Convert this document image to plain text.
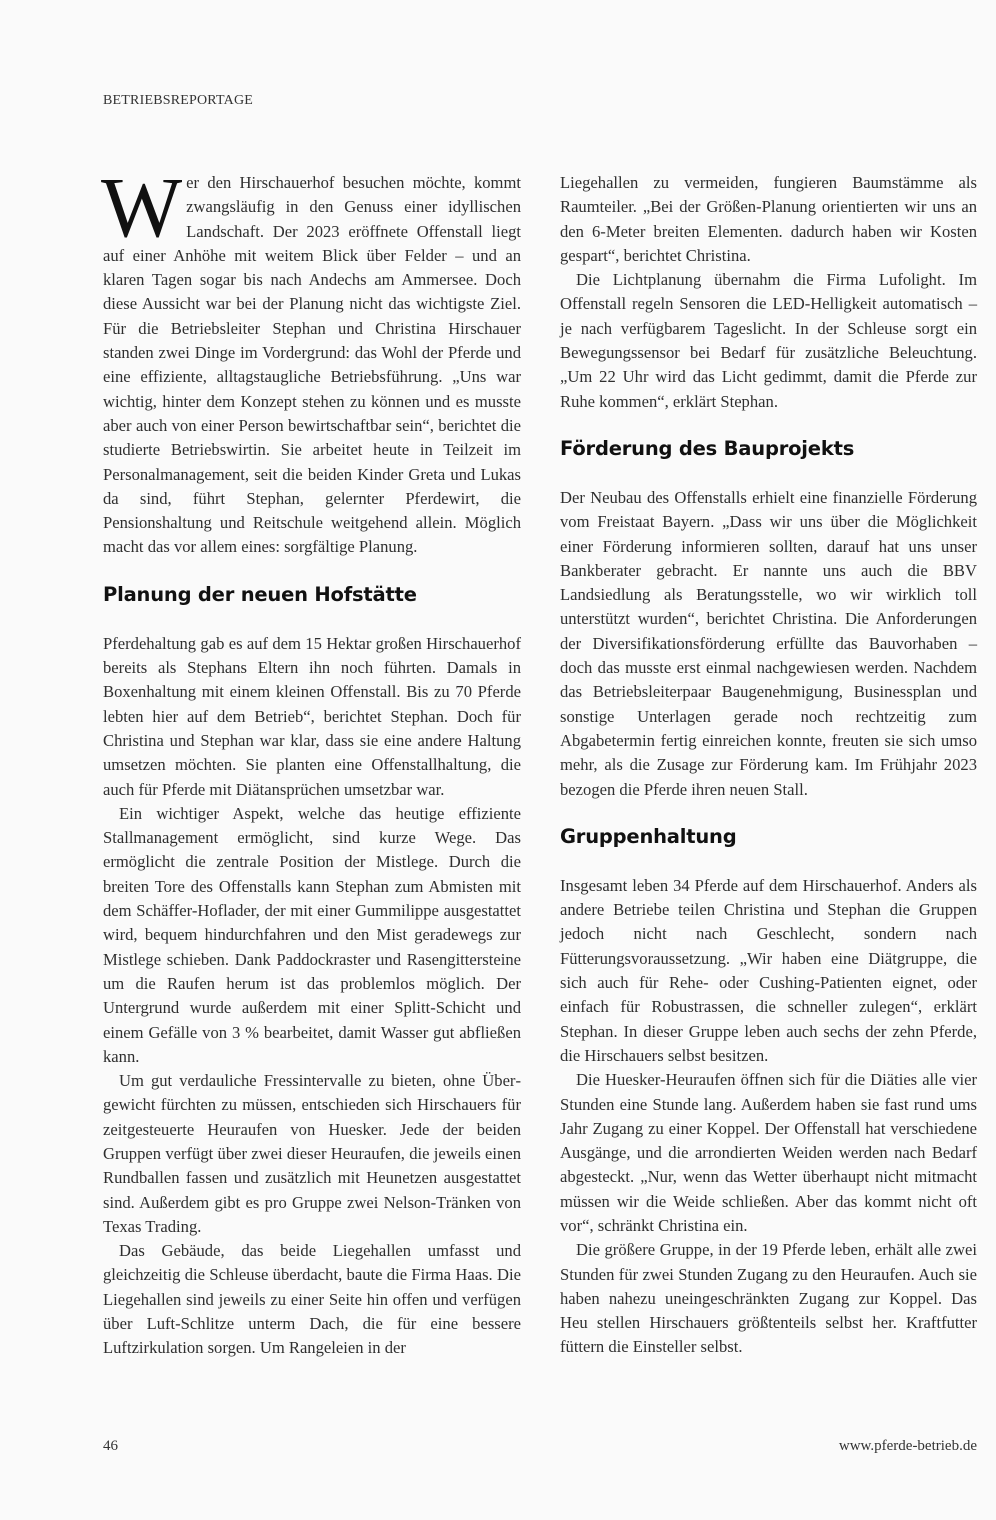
BETRIEBSREPORTAGE

Wer den Hirschauerhof besuchen möchte, kommt zwangsläufig in den Genuss einer idyllischen Landschaft. Der 2023 eröffnete Offenstall liegt auf einer Anhöhe mit weitem Blick über Felder – und an klaren Tagen sogar bis nach Andechs am Ammersee. Doch diese Aussicht war bei der Planung nicht das wichtigste Ziel. Für die Betriebsleiter Stephan und Christina Hirschauer standen zwei Dinge im Vordergrund: das Wohl der Pferde und eine effiziente, alltagstaugliche Betriebsführung. „Uns war wichtig, hinter dem Konzept stehen zu können und es musste aber auch von einer Person bewirtschaftbar sein“, berichtet die studierte Betriebswirtin. Sie arbeitet heute in Teilzeit im Personalmanagement, seit die beiden Kinder Greta und Lukas da sind, führt Stephan, gelernter Pferdewirt, die Pensionshaltung und Reitschule weitgehend allein. Möglich macht das vor allem eines: sorgfältige Planung.

Planung der neuen Hofstätte

Pferdehaltung gab es auf dem 15 Hektar großen Hirschauerhof bereits als Stephans Eltern ihn noch führten. Damals in Boxenhaltung mit einem kleinen Offenstall. Bis zu 70 Pferde lebten hier auf dem Betrieb“, berichtet Stephan. Doch für Christina und Stephan war klar, dass sie eine andere Haltung umsetzen möchten. Sie planten eine Offenstallhaltung, die auch für Pferde mit Diätansprüchen umsetzbar war.

Ein wichtiger Aspekt, welche das heutige effiziente Stallmanagement ermöglicht, sind kurze Wege. Das ermöglicht die zentrale Position der Mistlege. Durch die breiten Tore des Offenstalls kann Stephan zum Abmisten mit dem Schäffer-Hoflader, der mit einer Gummilippe ausgestattet wird, bequem hindurchfahren und den Mist geradewegs zur Mistlege schieben. Dank Paddockraster und Rasengittersteine um die Raufen herum ist das problemlos möglich. Der Untergrund wurde außerdem mit einer Splitt-Schicht und einem Gefälle von 3 % bearbeitet, damit Wasser gut abfließen kann.

Um gut verdauliche Fressintervalle zu bieten, ohne Übergewicht fürchten zu müssen, entschieden sich Hirschauers für zeitgesteuerte Heuraufen von Huesker. Jede der beiden Gruppen verfügt über zwei dieser Heuraufen, die jeweils einen Rundballen fassen und zusätzlich mit Heunetzen ausgestattet sind. Außerdem gibt es pro Gruppe zwei Nelson-Tränken von Texas Trading.

Das Gebäude, das beide Liegehallen umfasst und gleichzeitig die Schleuse überdacht, baute die Firma Haas. Die Liegehallen sind jeweils zu einer Seite hin offen und verfügen über Luft-Schlitze unterm Dach, die für eine bessere Luftzirkulation sorgen. Um Rangeleien in der

Liegehallen zu vermeiden, fungieren Baumstämme als Raumteiler. „Bei der Größen-Planung orientierten wir uns an den 6-Meter breiten Elementen. dadurch haben wir Kosten gespart“, berichtet Christina.

Die Lichtplanung übernahm die Firma Lufolight. Im Offenstall regeln Sensoren die LED-Helligkeit automatisch – je nach verfügbarem Tageslicht. In der Schleuse sorgt ein Bewegungssensor bei Bedarf für zusätzliche Beleuchtung. „Um 22 Uhr wird das Licht gedimmt, damit die Pferde zur Ruhe kommen“, erklärt Stephan.

Förderung des Bauprojekts

Der Neubau des Offenstalls erhielt eine finanzielle Förderung vom Freistaat Bayern. „Dass wir uns über die Möglichkeit einer Förderung informieren sollten, darauf hat uns unser Bankberater gebracht. Er nannte uns auch die BBV Landsiedlung als Beratungsstelle, wo wir wirklich toll unterstützt wurden“, berichtet Christina. Die Anforderungen der Diversifikationsförderung erfüllte das Bauvorhaben – doch das musste erst einmal nachgewiesen werden. Nachdem das Betriebsleiterpaar Baugenehmigung, Businessplan und sonstige Unterlagen gerade noch rechtzeitig zum Abgabetermin fertig einreichen konnte, freuten sie sich umso mehr, als die Zusage zur Förderung kam. Im Frühjahr 2023 bezogen die Pferde ihren neuen Stall.

Gruppenhaltung

Insgesamt leben 34 Pferde auf dem Hirschauerhof. Anders als andere Betriebe teilen Christina und Stephan die Gruppen jedoch nicht nach Geschlecht, sondern nach Fütterungsvoraussetzung. „Wir haben eine Diätgruppe, die sich auch für Rehe- oder Cushing-Patienten eignet, oder einfach für Robustrassen, die schneller zulegen“, erklärt Stephan. In dieser Gruppe leben auch sechs der zehn Pferde, die Hirschauers selbst besitzen.

Die Huesker-Heuraufen öffnen sich für die Diäties alle vier Stunden eine Stunde lang. Außerdem haben sie fast rund ums Jahr Zugang zu einer Koppel. Der Offenstall hat verschiedene Ausgänge, und die arrondierten Weiden werden nach Bedarf abgesteckt. „Nur, wenn das Wetter überhaupt nicht mitmacht müssen wir die Weide schließen. Aber das kommt nicht oft vor“, schränkt Christina ein.

Die größere Gruppe, in der 19 Pferde leben, erhält alle zwei Stunden für zwei Stunden Zugang zu den Heuraufen. Auch sie haben nahezu uneingeschränkten Zugang zur Koppel. Das Heu stellen Hirschauers größtenteils selbst her. Kraftfutter füttern die Einsteller selbst.

46	www.pferde-betrieb.de
